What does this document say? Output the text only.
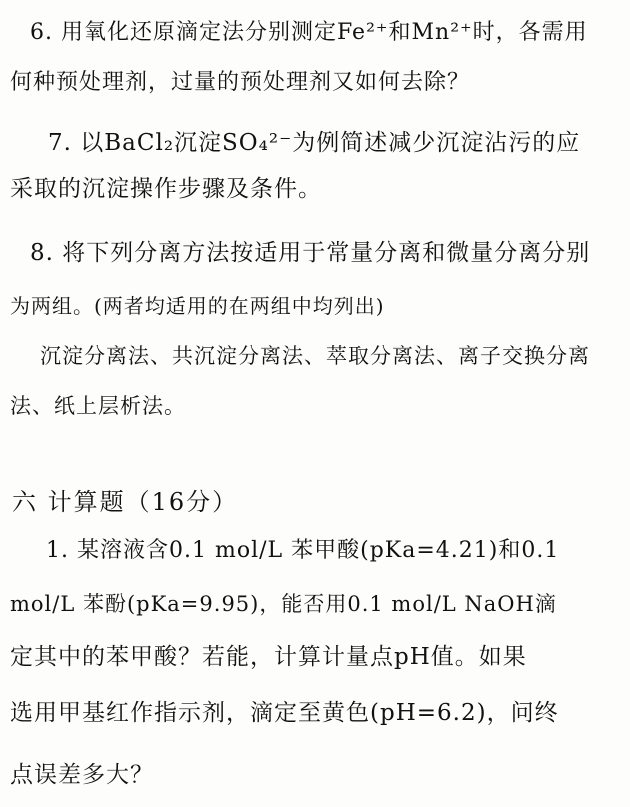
6. 用氧化还原滴定法分别测定Fe²⁺和Mn²⁺时，各需用
何种预处理剂，过量的预处理剂又如何去除？
7. 以BaCl₂沉淀SO₄²⁻为例简述减少沉淀沾污的应
采取的沉淀操作步骤及条件。
8. 将下列分离方法按适用于常量分离和微量分离分别
为两组。(两者均适用的在两组中均列出)
沉淀分离法、共沉淀分离法、萃取分离法、离子交换分离
法、纸上层析法。
六 计算题（16分）
1. 某溶液含0.1 mol/L 苯甲酸(pKa=4.21)和0.1
mol/L 苯酚(pKa=9.95)，能否用0.1 mol/L NaOH滴
定其中的苯甲酸？若能，计算计量点pH值。如果
选用甲基红作指示剂，滴定至黄色(pH=6.2)，问终
点误差多大？
